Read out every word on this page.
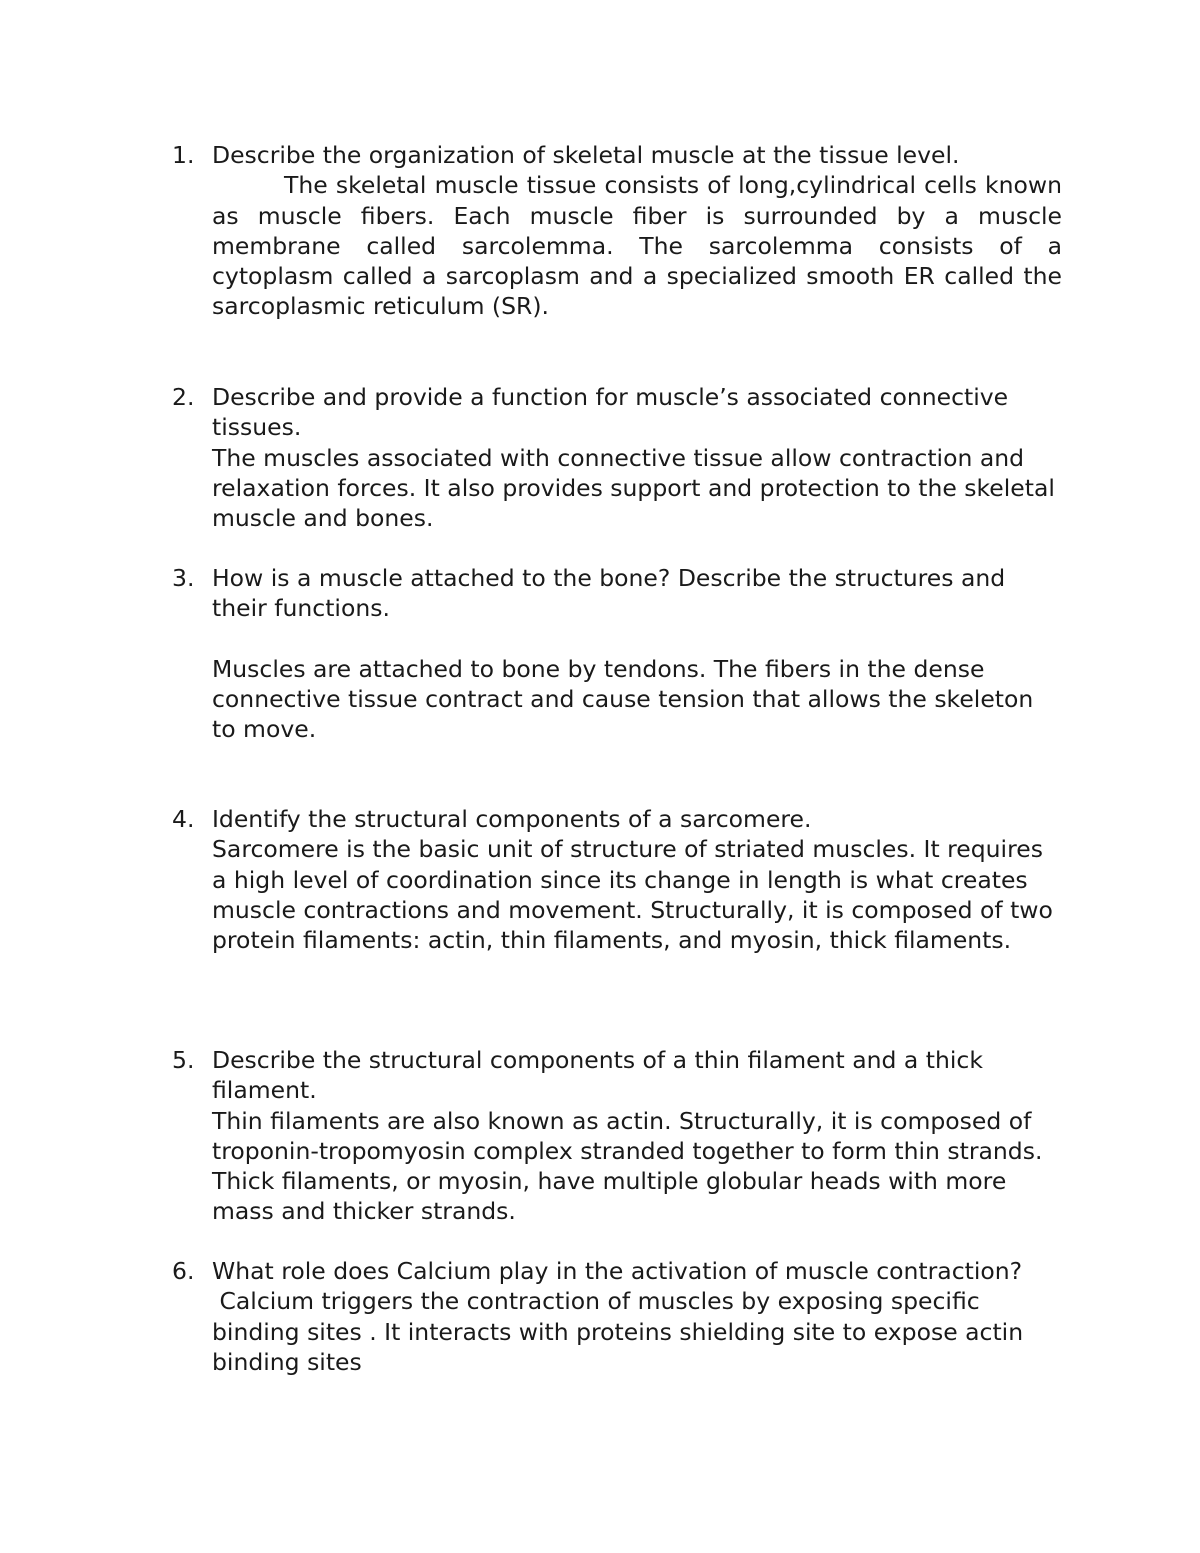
1. Describe the organization of skeletal muscle at the tissue level.
The skeletal muscle tissue consists of long,cylindrical cells known as muscle fibers. Each muscle fiber is surrounded by a muscle membrane called sarcolemma. The sarcolemma consists of a cytoplasm called a sarcoplasm and a specialized smooth ER called the sarcoplasmic reticulum (SR).
2. Describe and provide a function for muscle’s associated connective tissues.
The muscles associated with connective tissue allow contraction and relaxation forces. It also provides support and protection to the skeletal muscle and bones.
3. How is a muscle attached to the bone? Describe the structures and their functions.
Muscles are attached to bone by tendons. The fibers in the dense connective tissue contract and cause tension that allows the skeleton to move.
4. Identify the structural components of a sarcomere.
Sarcomere is the basic unit of structure of striated muscles. It requires a high level of coordination since its change in length is what creates muscle contractions and movement. Structurally, it is composed of two protein filaments: actin, thin filaments, and myosin, thick filaments.
5. Describe the structural components of a thin filament and a thick filament.
Thin filaments are also known as actin. Structurally, it is composed of troponin-tropomyosin complex stranded together to form thin strands. Thick filaments, or myosin, have multiple globular heads with more mass and thicker strands.
6. What role does Calcium play in the activation of muscle contraction?
Calcium triggers the contraction of muscles by exposing specific binding sites . It interacts with proteins shielding site to expose actin binding sites
